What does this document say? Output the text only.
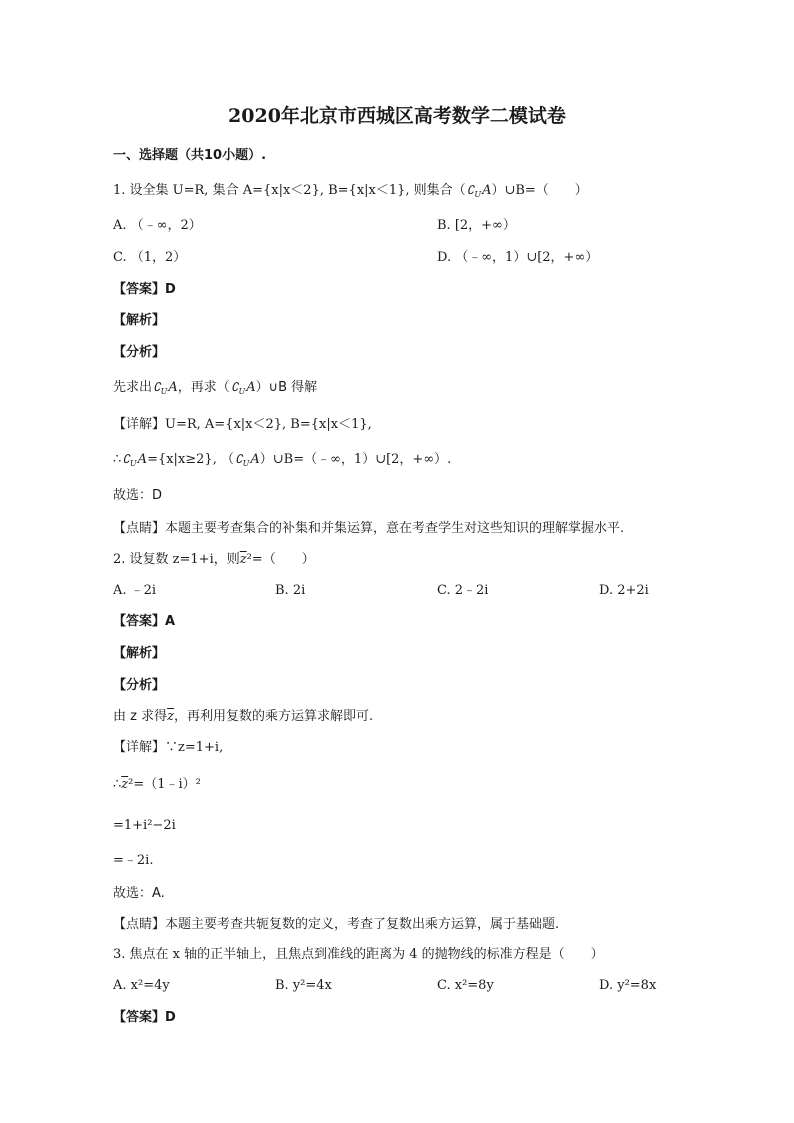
2020年北京市西城区高考数学二模试卷
一、选择题（共10小题）.
1. 设全集 U=R, 集合 A={x|x＜2}, B={x|x＜1}, 则集合$(∁_UA)\cup B=$（　　）
A. （﹣∞，2）	B. [2，+∞）
C. （1，2）	D. （﹣∞，1）∪[2，+∞）
【答案】D
【解析】
【分析】
先求出$∁_UA$，再求$(∁_UA)\cup B$ 得解
【详解】U=R, A={x|x＜2}, B={x|x＜1},
$\therefore∁_UA=\{x|x\ge 2\}$, $(∁_UA)\cup B=(﹣\infty$，1）∪[2，+∞）.
故选：D
【点睛】本题主要考查集合的补集和并集运算，意在考查学生对这些知识的理解掌握水平.
2. 设复数 z=1+i，则$\overline{z}^2=$（　　）
A. ﹣2i	B. 2i	C. 2﹣2i	D. 2+2i
【答案】A
【解析】
【分析】
由 z 求得$\overline{z}$，再利用复数的乘方运算求解即可.
【详解】∵z=1+i,
$\therefore\overline{z}^2=(1﹣i)^2$
=1+i²−2i
=﹣2i.
故选：A.
【点睛】本题主要考查共轭复数的定义，考查了复数出乘方运算，属于基础题.
3. 焦点在 x 轴的正半轴上，且焦点到准线的距离为 4 的抛物线的标准方程是（　　）
A. x²=4y	B. y²=4x	C. x²=8y	D. y²=8x
【答案】D
